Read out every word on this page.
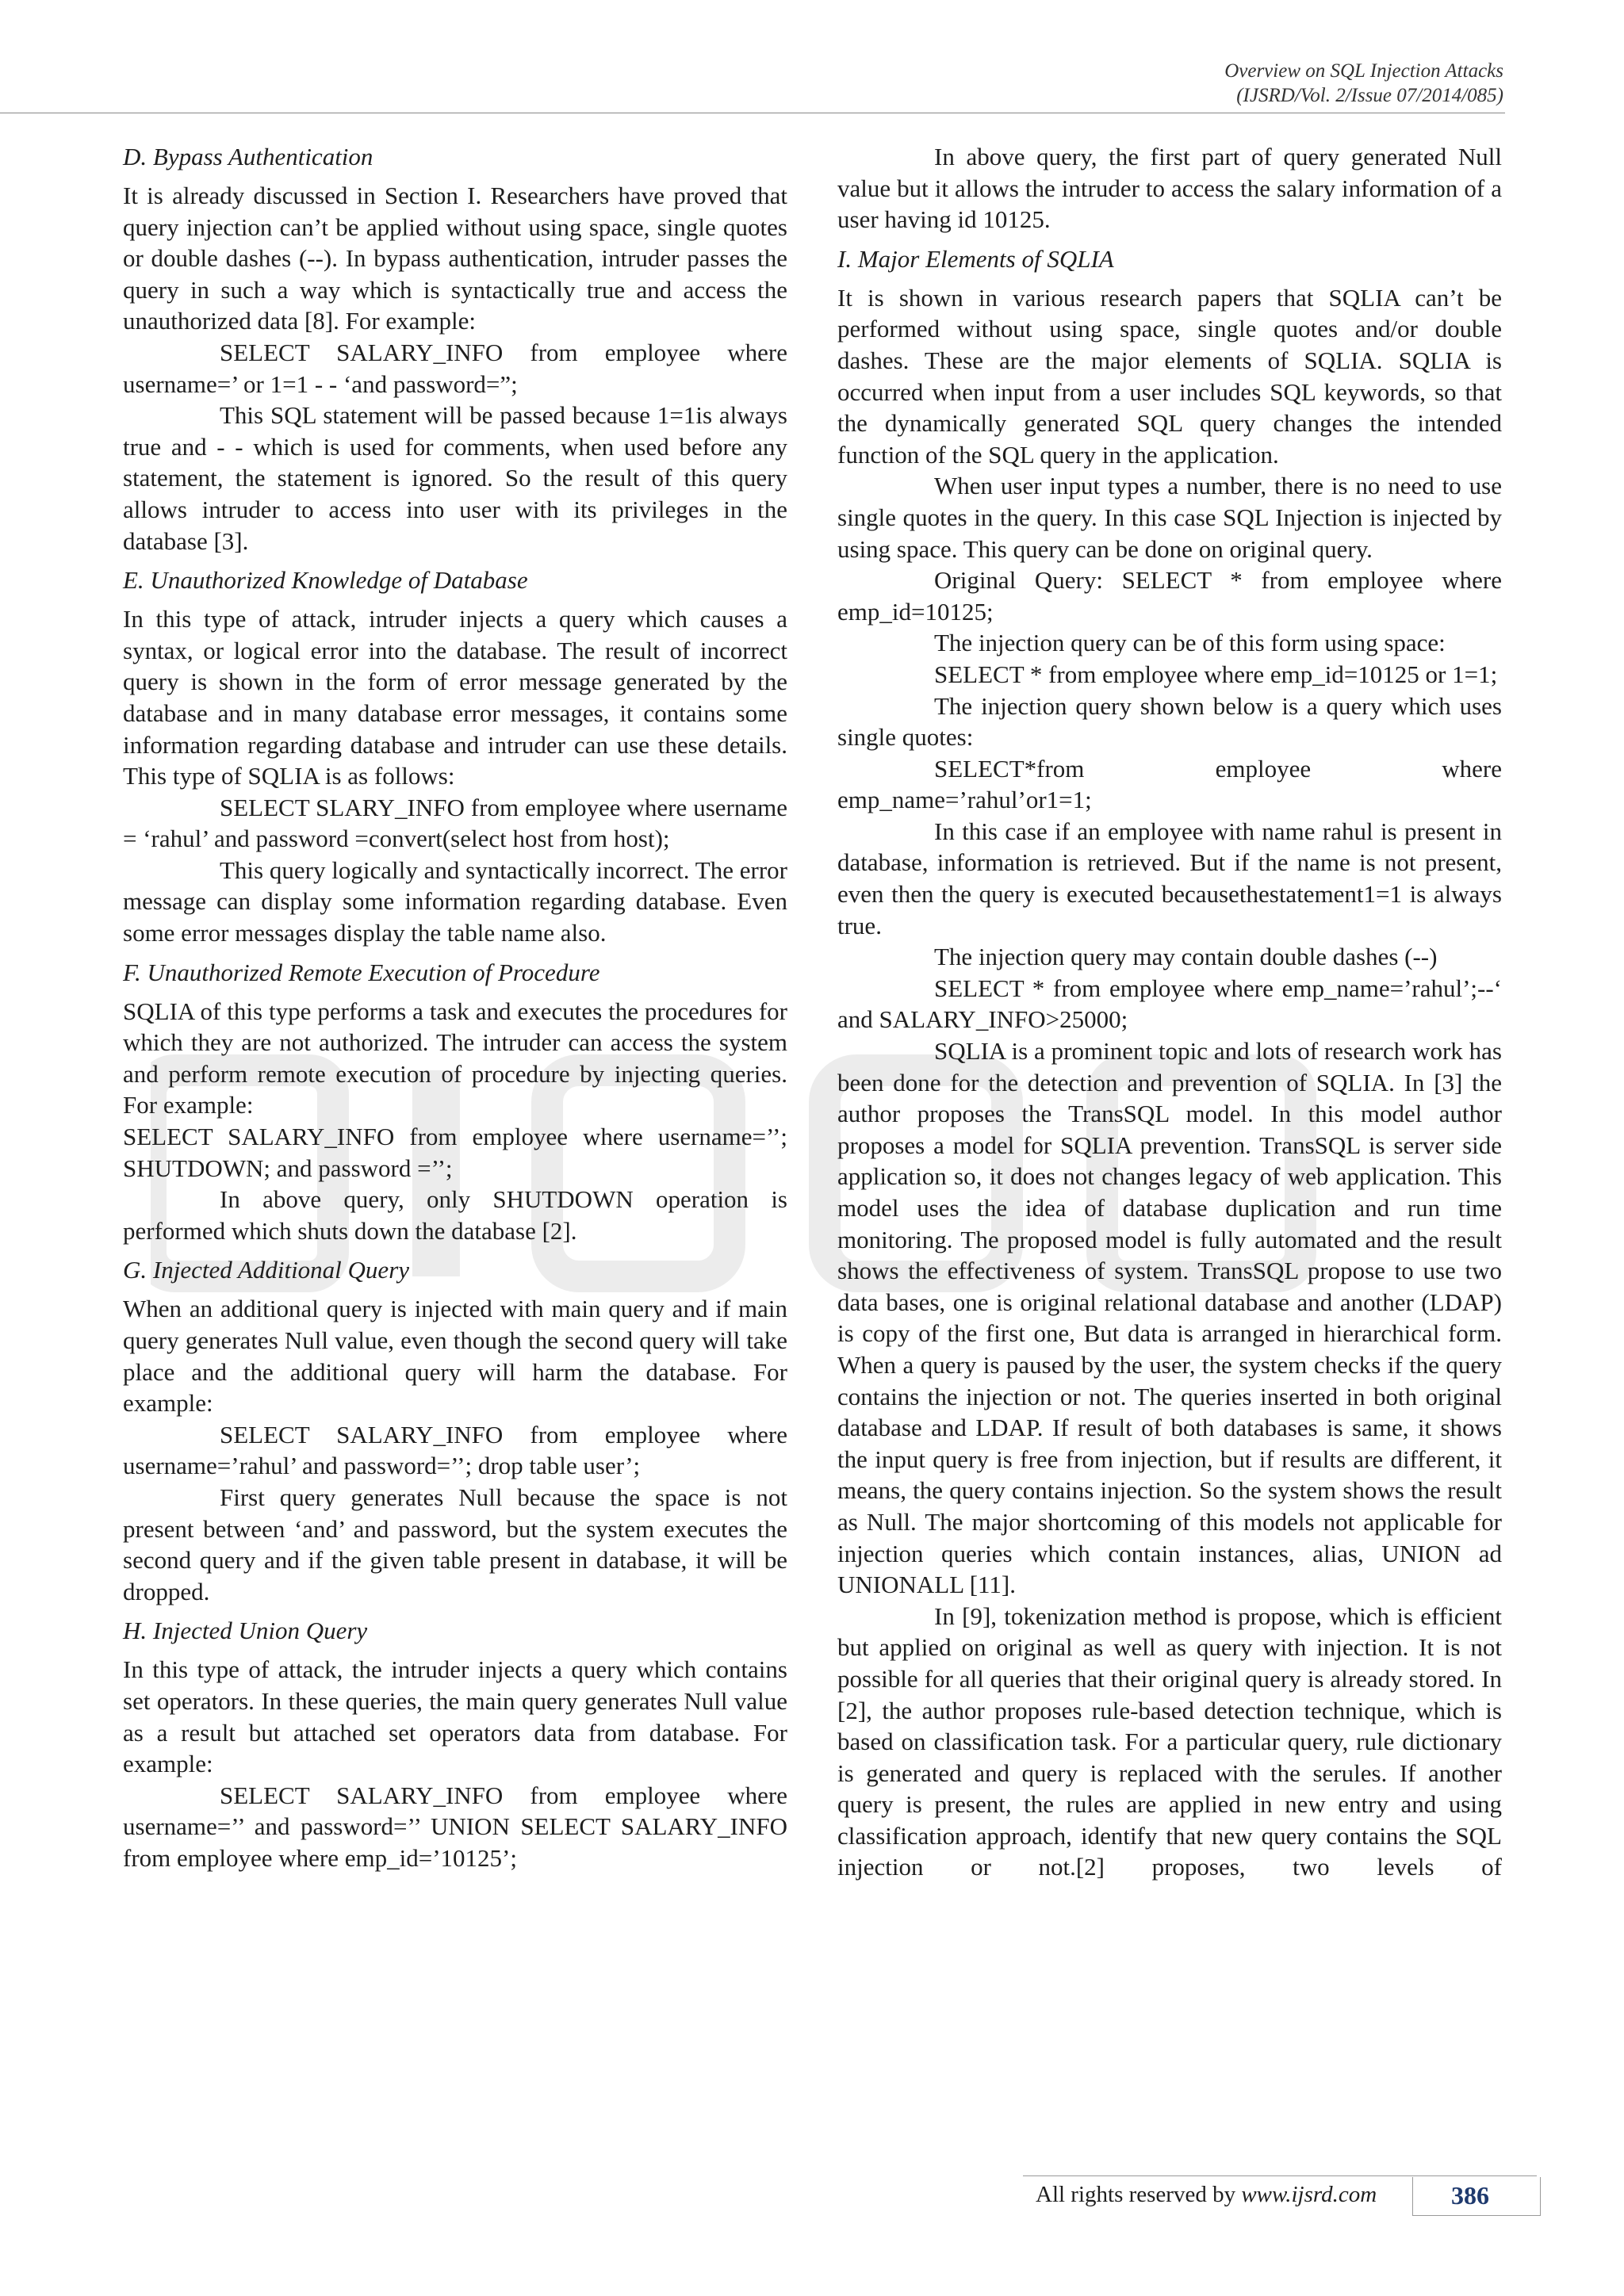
Overview on SQL Injection Attacks
(IJSRD/Vol. 2/Issue 07/2014/085)
D. Bypass Authentication

It is already discussed in Section I. Researchers have proved that query injection can’t be applied without using space, single quotes or double dashes (--). In bypass authentication, intruder passes the query in such a way which is syntactically true and access the unauthorized data [8]. For example:

SELECT SALARY_INFO from employee where username=’ or 1=1 - - ‘and password=”;

This SQL statement will be passed because 1=1is always true and - - which is used for comments, when used before any statement, the statement is ignored. So the result of this query allows intruder to access into user with its privileges in the database [3].

E. Unauthorized Knowledge of Database

In this type of attack, intruder injects a query which causes a syntax, or logical error into the database. The result of incorrect query is shown in the form of error message generated by the database and in many database error messages, it contains some information regarding database and intruder can use these details. This type of SQLIA is as follows:

SELECT SLARY_INFO from employee where username = ‘rahul’ and password =convert(select host from host);

This query logically and syntactically incorrect. The error message can display some information regarding database. Even some error messages display the table name also.

F. Unauthorized Remote Execution of Procedure

SQLIA of this type performs a task and executes the procedures for which they are not authorized. The intruder can access the system and perform remote execution of procedure by injecting queries. For example:

SELECT SALARY_INFO from employee where username=’’; SHUTDOWN; and password =’’;

In above query, only SHUTDOWN operation is performed which shuts down the database [2].

G. Injected Additional Query

When an additional query is injected with main query and if main query generates Null value, even though the second query will take place and the additional query will harm the database. For example:

SELECT SALARY_INFO from employee where username=’rahul’ and password=’’; drop table user’;

First query generates Null because the space is not present between ‘and’ and password, but the system executes the second query and if the given table present in database, it will be dropped.

H. Injected Union Query

In this type of attack, the intruder injects a query which contains set operators. In these queries, the main query generates Null value as a result but attached set operators data from database. For example:

SELECT SALARY_INFO from employee where username=’’ and password=’’ UNION SELECT SALARY_INFO from employee where emp_id=’10125’;

In above query, the first part of query generated Null value but it allows the intruder to access the salary information of a user having id 10125.

I. Major Elements of SQLIA

It is shown in various research papers that SQLIA can’t be performed without using space, single quotes and/or double dashes. These are the major elements of SQLIA. SQLIA is occurred when input from a user includes SQL keywords, so that the dynamically generated SQL query changes the intended function of the SQL query in the application.

When user input types a number, there is no need to use single quotes in the query. In this case SQL Injection is injected by using space. This query can be done on original query.

Original Query: SELECT * from employee where emp_id=10125;

The injection query can be of this form using space:

SELECT * from employee where emp_id=10125 or 1=1;

The injection query shown below is a query which uses single quotes:

SELECT*from employee where emp_name=’rahul’or1=1;

In this case if an employee with name rahul is present in database, information is retrieved. But if the name is not present, even then the query is executed becausethestatement1=1 is always true.

The injection query may contain double dashes (--)

SELECT * from employee where emp_name=’rahul’;--‘ and SALARY_INFO>25000;

SQLIA is a prominent topic and lots of research work has been done for the detection and prevention of SQLIA. In [3] the author proposes the TransSQL model. In this model author proposes a model for SQLIA prevention. TransSQL is server side application so, it does not changes legacy of web application. This model uses the idea of database duplication and run time monitoring. The proposed model is fully automated and the result shows the effectiveness of system. TransSQL propose to use two data bases, one is original relational database and another (LDAP) is copy of the first one, But data is arranged in hierarchical form. When a query is paused by the user, the system checks if the query contains the injection or not. The queries inserted in both original database and LDAP. If result of both databases is same, it shows the input query is free from injection, but if results are different, it means, the query contains injection. So the system shows the result as Null. The major shortcoming of this models not applicable for injection queries which contain instances, alias, UNION ad UNIONALL [11].

In [9], tokenization method is propose, which is efficient but applied on original as well as query with injection. It is not possible for all queries that their original query is already stored. In [2], the author proposes rule-based detection technique, which is based on classification task. For a particular query, rule dictionary is generated and query is replaced with the serules. If another query is present, the rules are applied in new entry and using classification approach, identify that new query contains the SQL injection or not.[2] proposes, two levels of

All rights reserved by www.ijsrd.com	386
